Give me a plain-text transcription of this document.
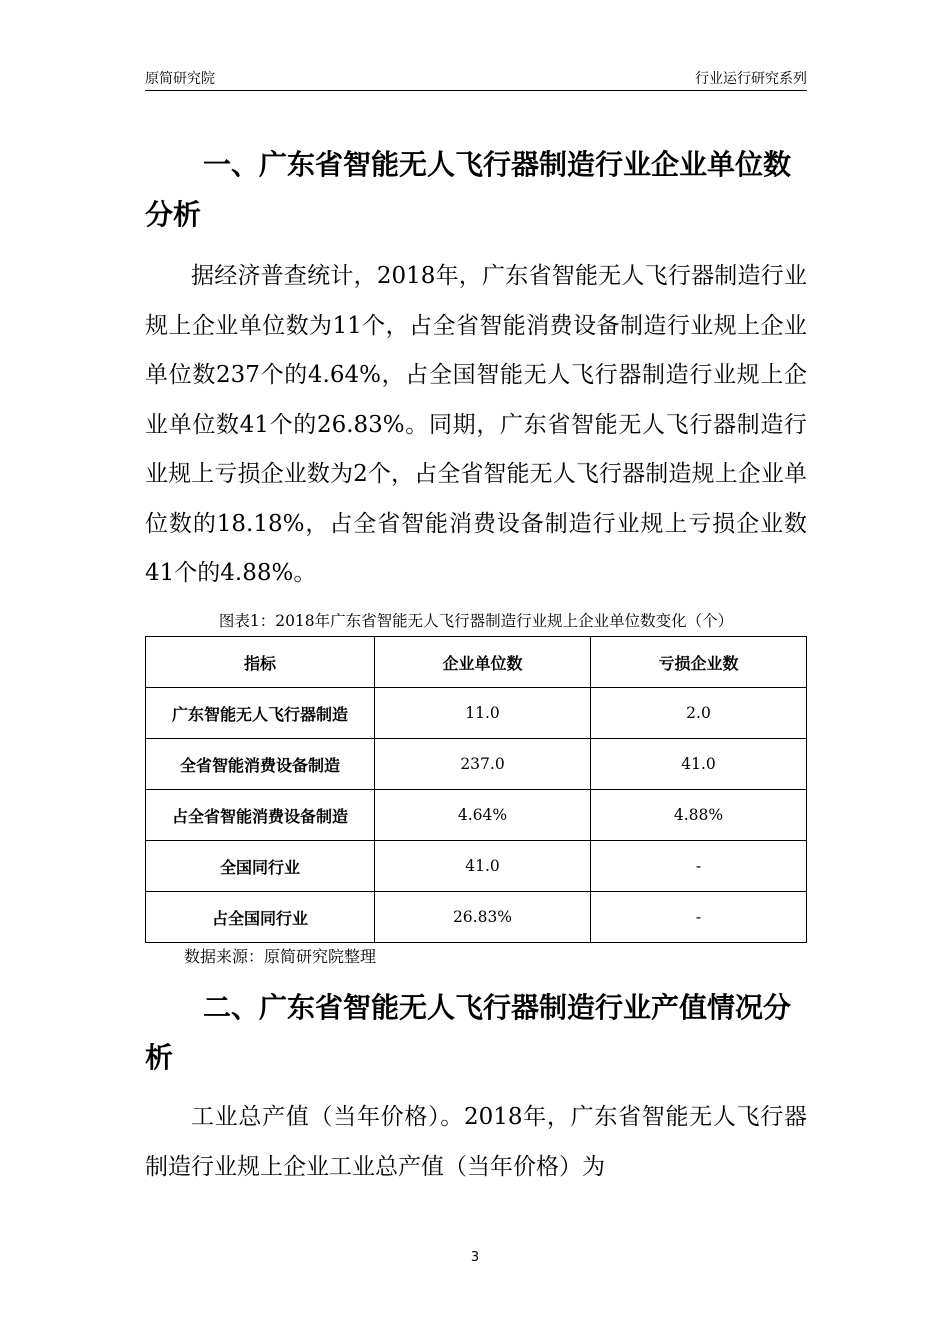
原简研究院	行业运行研究系列
一、广东省智能无人飞行器制造行业企业单位数分析

据经济普查统计，2018年，广东省智能无人飞行器制造行业规上企业单位数为11个，占全省智能消费设备制造行业规上企业单位数237个的4.64%，占全国智能无人飞行器制造行业规上企业单位数41个的26.83%。同期，广东省智能无人飞行器制造行业规上亏损企业数为2个，占全省智能无人飞行器制造规上企业单位数的18.18%，占全省智能消费设备制造行业规上亏损企业数41个的4.88%。

图表1：2018年广东省智能无人飞行器制造行业规上企业单位数变化（个）
指标	企业单位数	亏损企业数
广东智能无人飞行器制造	11.0	2.0
全省智能消费设备制造	237.0	41.0
占全省智能消费设备制造	4.64%	4.88%
全国同行业	41.0	-
占全国同行业	26.83%	-
数据来源：原简研究院整理
二、广东省智能无人飞行器制造行业产值情况分析

工业总产值（当年价格）。2018年，广东省智能无人飞行器制造行业规上企业工业总产值（当年价格）为

3
